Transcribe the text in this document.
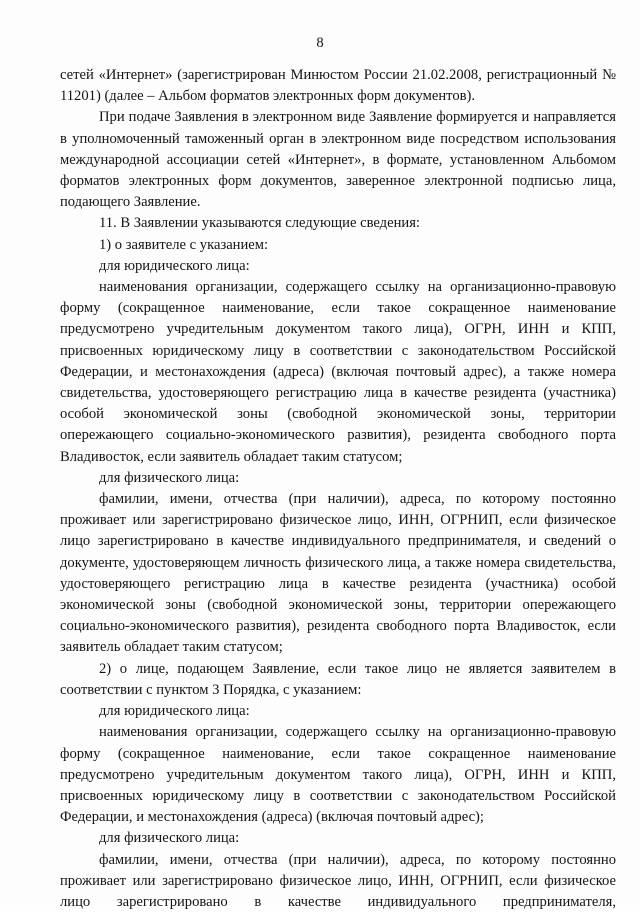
8

сетей «Интернет» (зарегистрирован Минюстом России 21.02.2008, регистрационный № 11201) (далее – Альбом форматов электронных форм документов).

При подаче Заявления в электронном виде Заявление формируется и направляется в уполномоченный таможенный орган в электронном виде посредством использования международной ассоциации сетей «Интернет», в формате, установленном Альбомом форматов электронных форм документов, заверенное электронной подписью лица, подающего Заявление.

11. В Заявлении указываются следующие сведения:

1) о заявителе с указанием:

для юридического лица:

наименования организации, содержащего ссылку на организационно-правовую форму (сокращенное наименование, если такое сокращенное наименование предусмотрено учредительным документом такого лица), ОГРН, ИНН и КПП, присвоенных юридическому лицу в соответствии с законодательством Российской Федерации, и местонахождения (адреса) (включая почтовый адрес), а также номера свидетельства, удостоверяющего регистрацию лица в качестве резидента (участника) особой экономической зоны (свободной экономической зоны, территории опережающего социально-экономического развития), резидента свободного порта Владивосток, если заявитель обладает таким статусом;

для физического лица:

фамилии, имени, отчества (при наличии), адреса, по которому постоянно проживает или зарегистрировано физическое лицо, ИНН, ОГРНИП, если физическое лицо зарегистрировано в качестве индивидуального предпринимателя, и сведений о документе, удостоверяющем личность физического лица, а также номера свидетельства, удостоверяющего регистрацию лица в качестве резидента (участника) особой экономической зоны (свободной экономической зоны, территории опережающего социально-экономического развития), резидента свободного порта Владивосток, если заявитель обладает таким статусом;

2) о лице, подающем Заявление, если такое лицо не является заявителем в соответствии с пунктом 3 Порядка, с указанием:

для юридического лица:

наименования организации, содержащего ссылку на организационно-правовую форму (сокращенное наименование, если такое сокращенное наименование предусмотрено учредительным документом такого лица), ОГРН, ИНН и КПП, присвоенных юридическому лицу в соответствии с законодательством Российской Федерации, и местонахождения (адреса) (включая почтовый адрес);

для физического лица:

фамилии, имени, отчества (при наличии), адреса, по которому постоянно проживает или зарегистрировано физическое лицо, ИНН, ОГРНИП, если физическое лицо зарегистрировано в качестве индивидуального предпринимателя,
